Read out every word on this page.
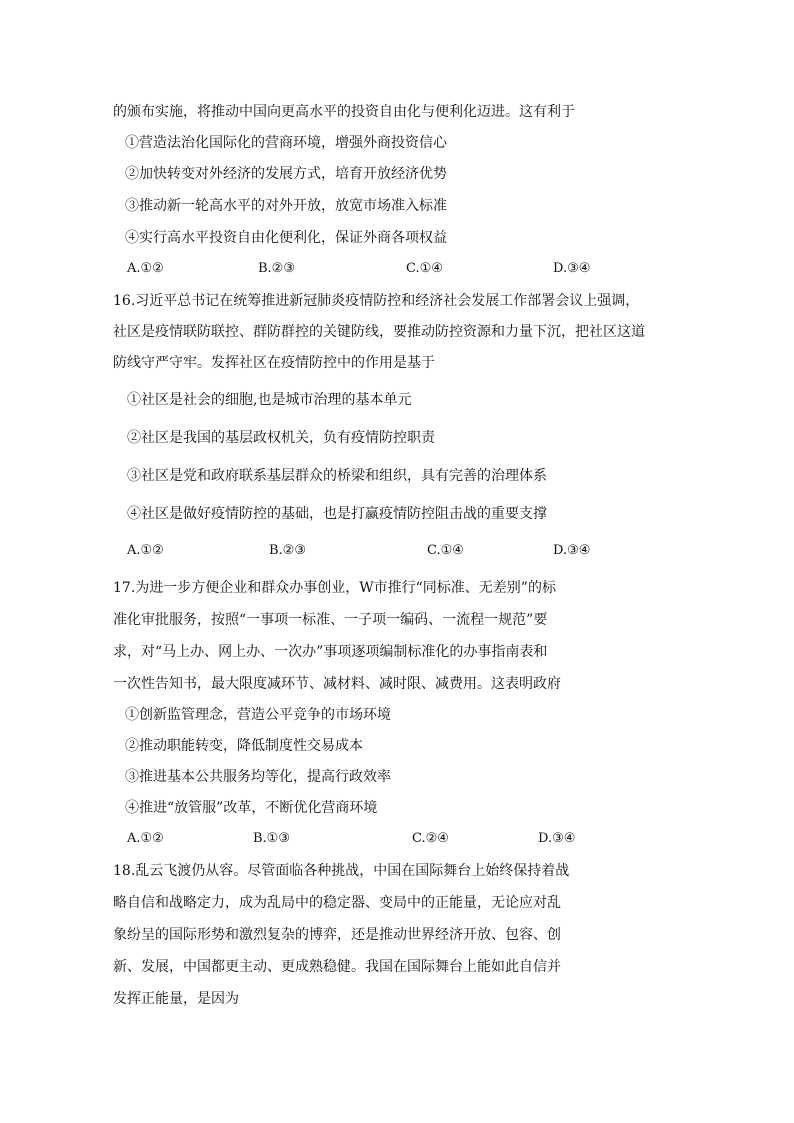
的颁布实施，将推动中国向更高水平的投资自由化与便利化迈进。这有利于
①营造法治化国际化的营商环境，增强外商投资信心
②加快转变对外经济的发展方式，培育开放经济优势
③推动新一轮高水平的对外开放，放宽市场准入标准
④实行高水平投资自由化便利化，保证外商各项权益
A.①②	B.②③	C.①④	D.③④
16.习近平总书记在统筹推进新冠肺炎疫情防控和经济社会发展工作部署会议上强调，
社区是疫情联防联控、群防群控的关键防线，要推动防控资源和力量下沉，把社区这道
防线守严守牢。发挥社区在疫情防控中的作用是基于
①社区是社会的细胞,也是城市治理的基本单元
②社区是我国的基层政权机关，负有疫情防控职责
③社区是党和政府联系基层群众的桥梁和组织，具有完善的治理体系
④社区是做好疫情防控的基础，也是打赢疫情防控阻击战的重要支撑
A.①②	B.②③	C.①④	D.③④
17.为进一步方便企业和群众办事创业，W市推行“同标准、无差别”的标
准化审批服务，按照“一事项一标准、一子项一编码、一流程一规范”要
求，对“马上办、网上办、一次办”事项逐项编制标准化的办事指南表和
一次性告知书，最大限度减环节、减材料、减时限、减费用。这表明政府
①创新监管理念，营造公平竞争的市场环境
②推动职能转变，降低制度性交易成本
③推进基本公共服务均等化，提高行政效率
④推进“放管服”改革，不断优化营商环境
A.①②	B.①③	C.②④	D.③④
18.乱云飞渡仍从容。尽管面临各种挑战，中国在国际舞台上始终保持着战
略自信和战略定力，成为乱局中的稳定器、变局中的正能量，无论应对乱
象纷呈的国际形势和激烈复杂的博弈，还是推动世界经济开放、包容、创
新、发展，中国都更主动、更成熟稳健。我国在国际舞台上能如此自信并
发挥正能量，是因为
